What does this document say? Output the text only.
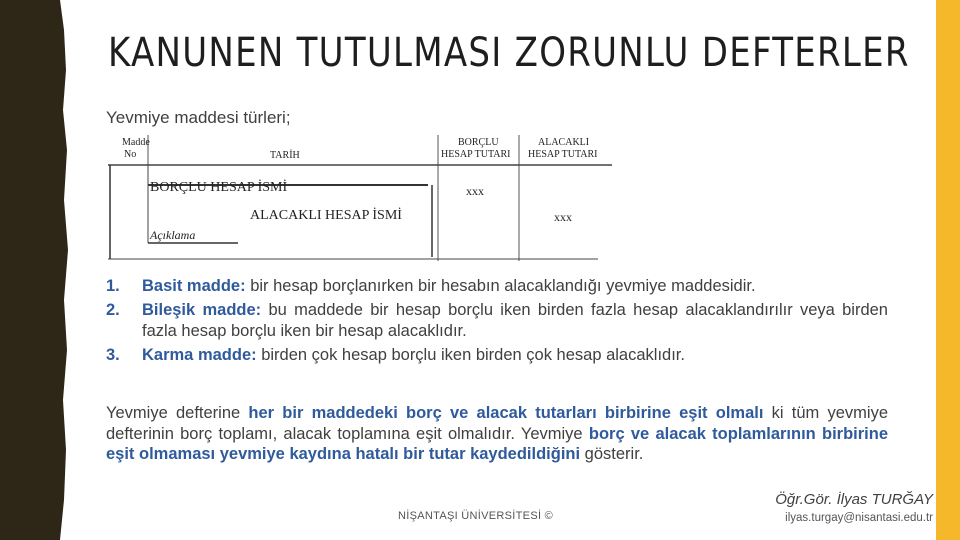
KANUNEN TUTULMASI ZORUNLU DEFTERLER
Yevmiye maddesi türleri;
Madde
No	TARİH
BORÇLU
HESAP TUTARI
ALACAKLI
HESAP TUTARI
BORÇLU HESAP İSMİ
ALACAKLI HESAP İSMİ
Açıklama
xxx
xxx
1. Basit madde: bir hesap borçlanırken bir hesabın alacaklandığı yevmiye maddesidir.
2. Bileşik madde: bu maddede bir hesap borçlu iken birden fazla hesap alacaklandırılır veya birden fazla hesap borçlu iken bir hesap alacaklıdır.
3. Karma madde: birden çok hesap borçlu iken birden çok hesap alacaklıdır.
Yevmiye defterine her bir maddedeki borç ve alacak tutarları birbirine eşit olmalı ki tüm yevmiye defterinin borç toplamı, alacak toplamına eşit olmalıdır. Yevmiye borç ve alacak toplamlarının birbirine eşit olmaması yevmiye kaydına hatalı bir tutar kaydedildiğini gösterir.
NİŞANTAŞI ÜNİVERSİTESİ ©
Öğr.Gör. İlyas TURĞAY
ilyas.turgay@nisantasi.edu.tr
